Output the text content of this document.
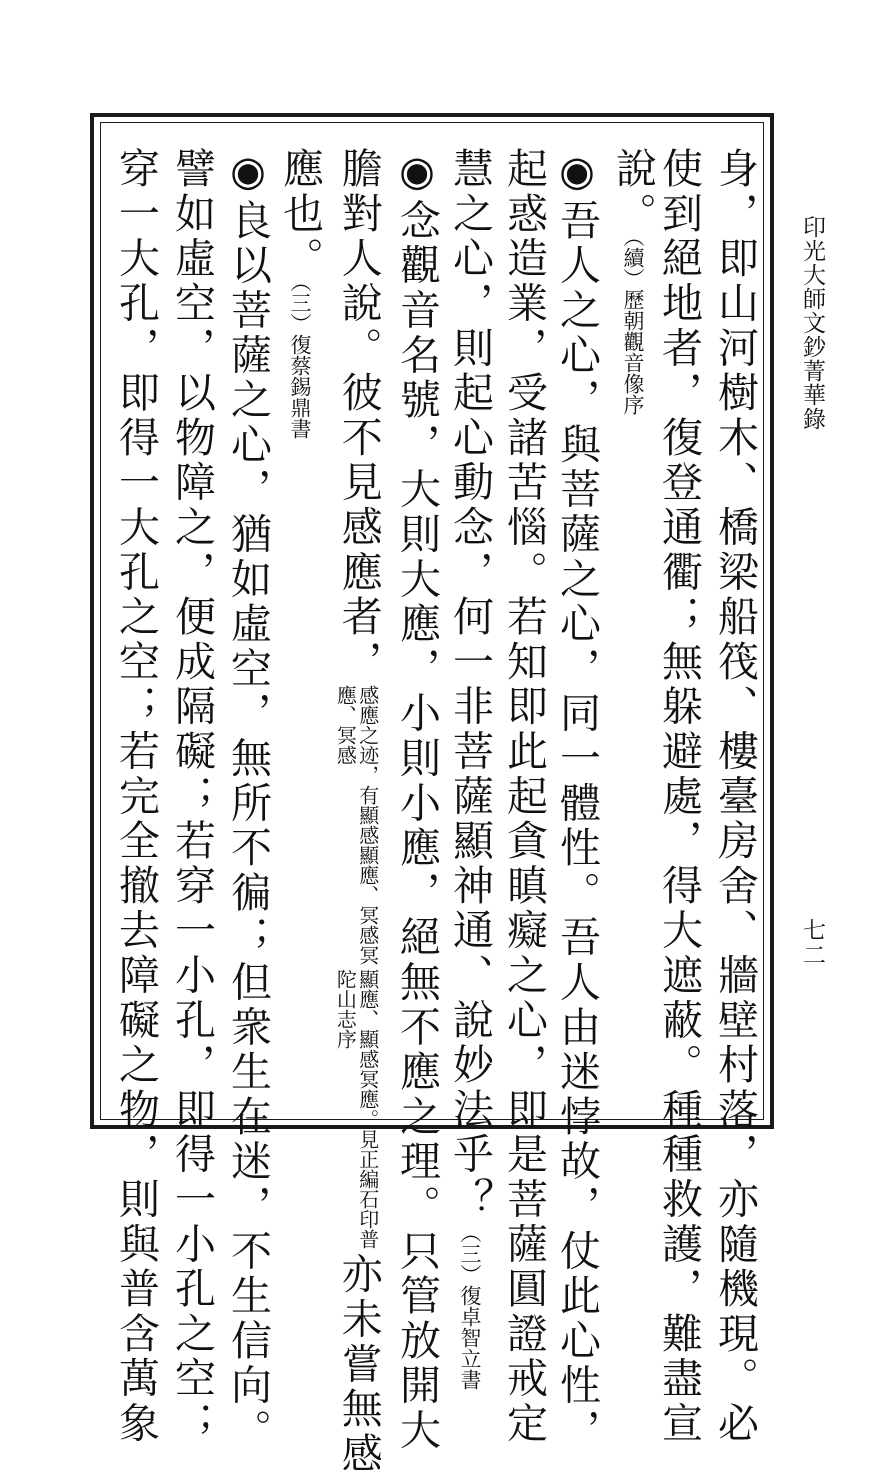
印光大師文鈔菁華錄
七二
身，即山河樹木、橋梁船筏、樓臺房舍、牆壁村落，亦隨機現。必
使到絕地者，復登通衢；無躲避處，得大遮蔽。種種救護，難盡宣
說。（續）歷朝觀音像序
◉吾人之心，與菩薩之心，同一體性。吾人由迷悖故，仗此心性，
起惑造業，受諸苦惱。若知即此起貪瞋癡之心，即是菩薩圓證戒定
慧之心，則起心動念，何一非菩薩顯神通、說妙法乎？（三）復卓智立書
◉念觀音名號，大則大應，小則小應，絕無不應之理。只管放開大
膽對人說。彼不見感應者，感應之迹，有顯感顯應、冥感冥應、冥感顯應、顯感冥應。見正編石印普陀山志序亦未嘗無感
應也。（三）復蔡錫鼎書
◉良以菩薩之心，猶如虛空，無所不徧；但衆生在迷，不生信向。
譬如虛空，以物障之，便成隔礙；若穿一小孔，即得一小孔之空；
穿一大孔，即得一大孔之空；若完全撤去障礙之物，則與普含萬象
